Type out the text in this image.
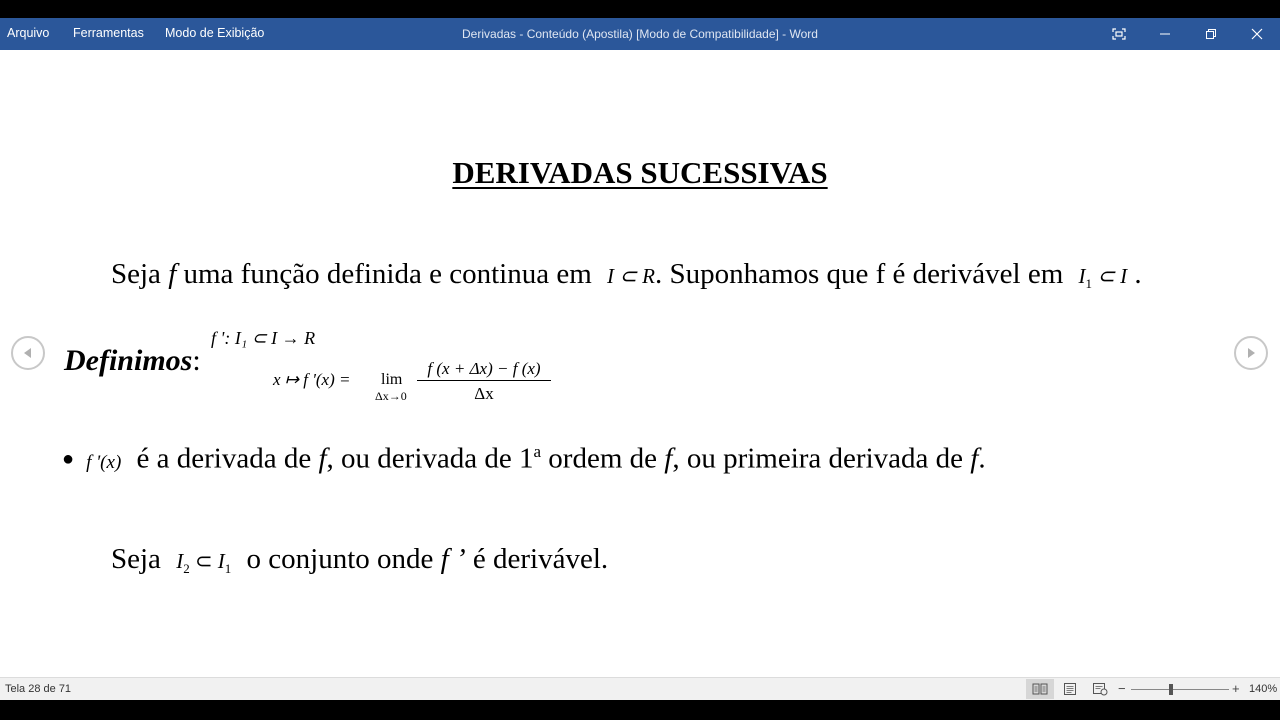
Arquivo Ferramentas Modo de Exibição	Derivadas - Conteúdo (Apostila) [Modo de Compatibilidade] - Word
DERIVADAS SUCESSIVAS
Seja f uma função definida e continua em I ⊂ R. Suponhamos que f é derivável em $I_1$ ⊂ I .
Definimos:
f ': I₁ ⊂ I → R
x ↦ f '(x) = lim
Δx→0
f (x + Δx) − f (x)
Δx
● f '(x) é a derivada de f, ou derivada de 1$^a$ ordem de f, ou primeira derivada de f.
Seja $I_2$ ⊂ $I_1$ o conjunto onde f ’ é derivável.
Tela 28 de 71	−	+ 140%
